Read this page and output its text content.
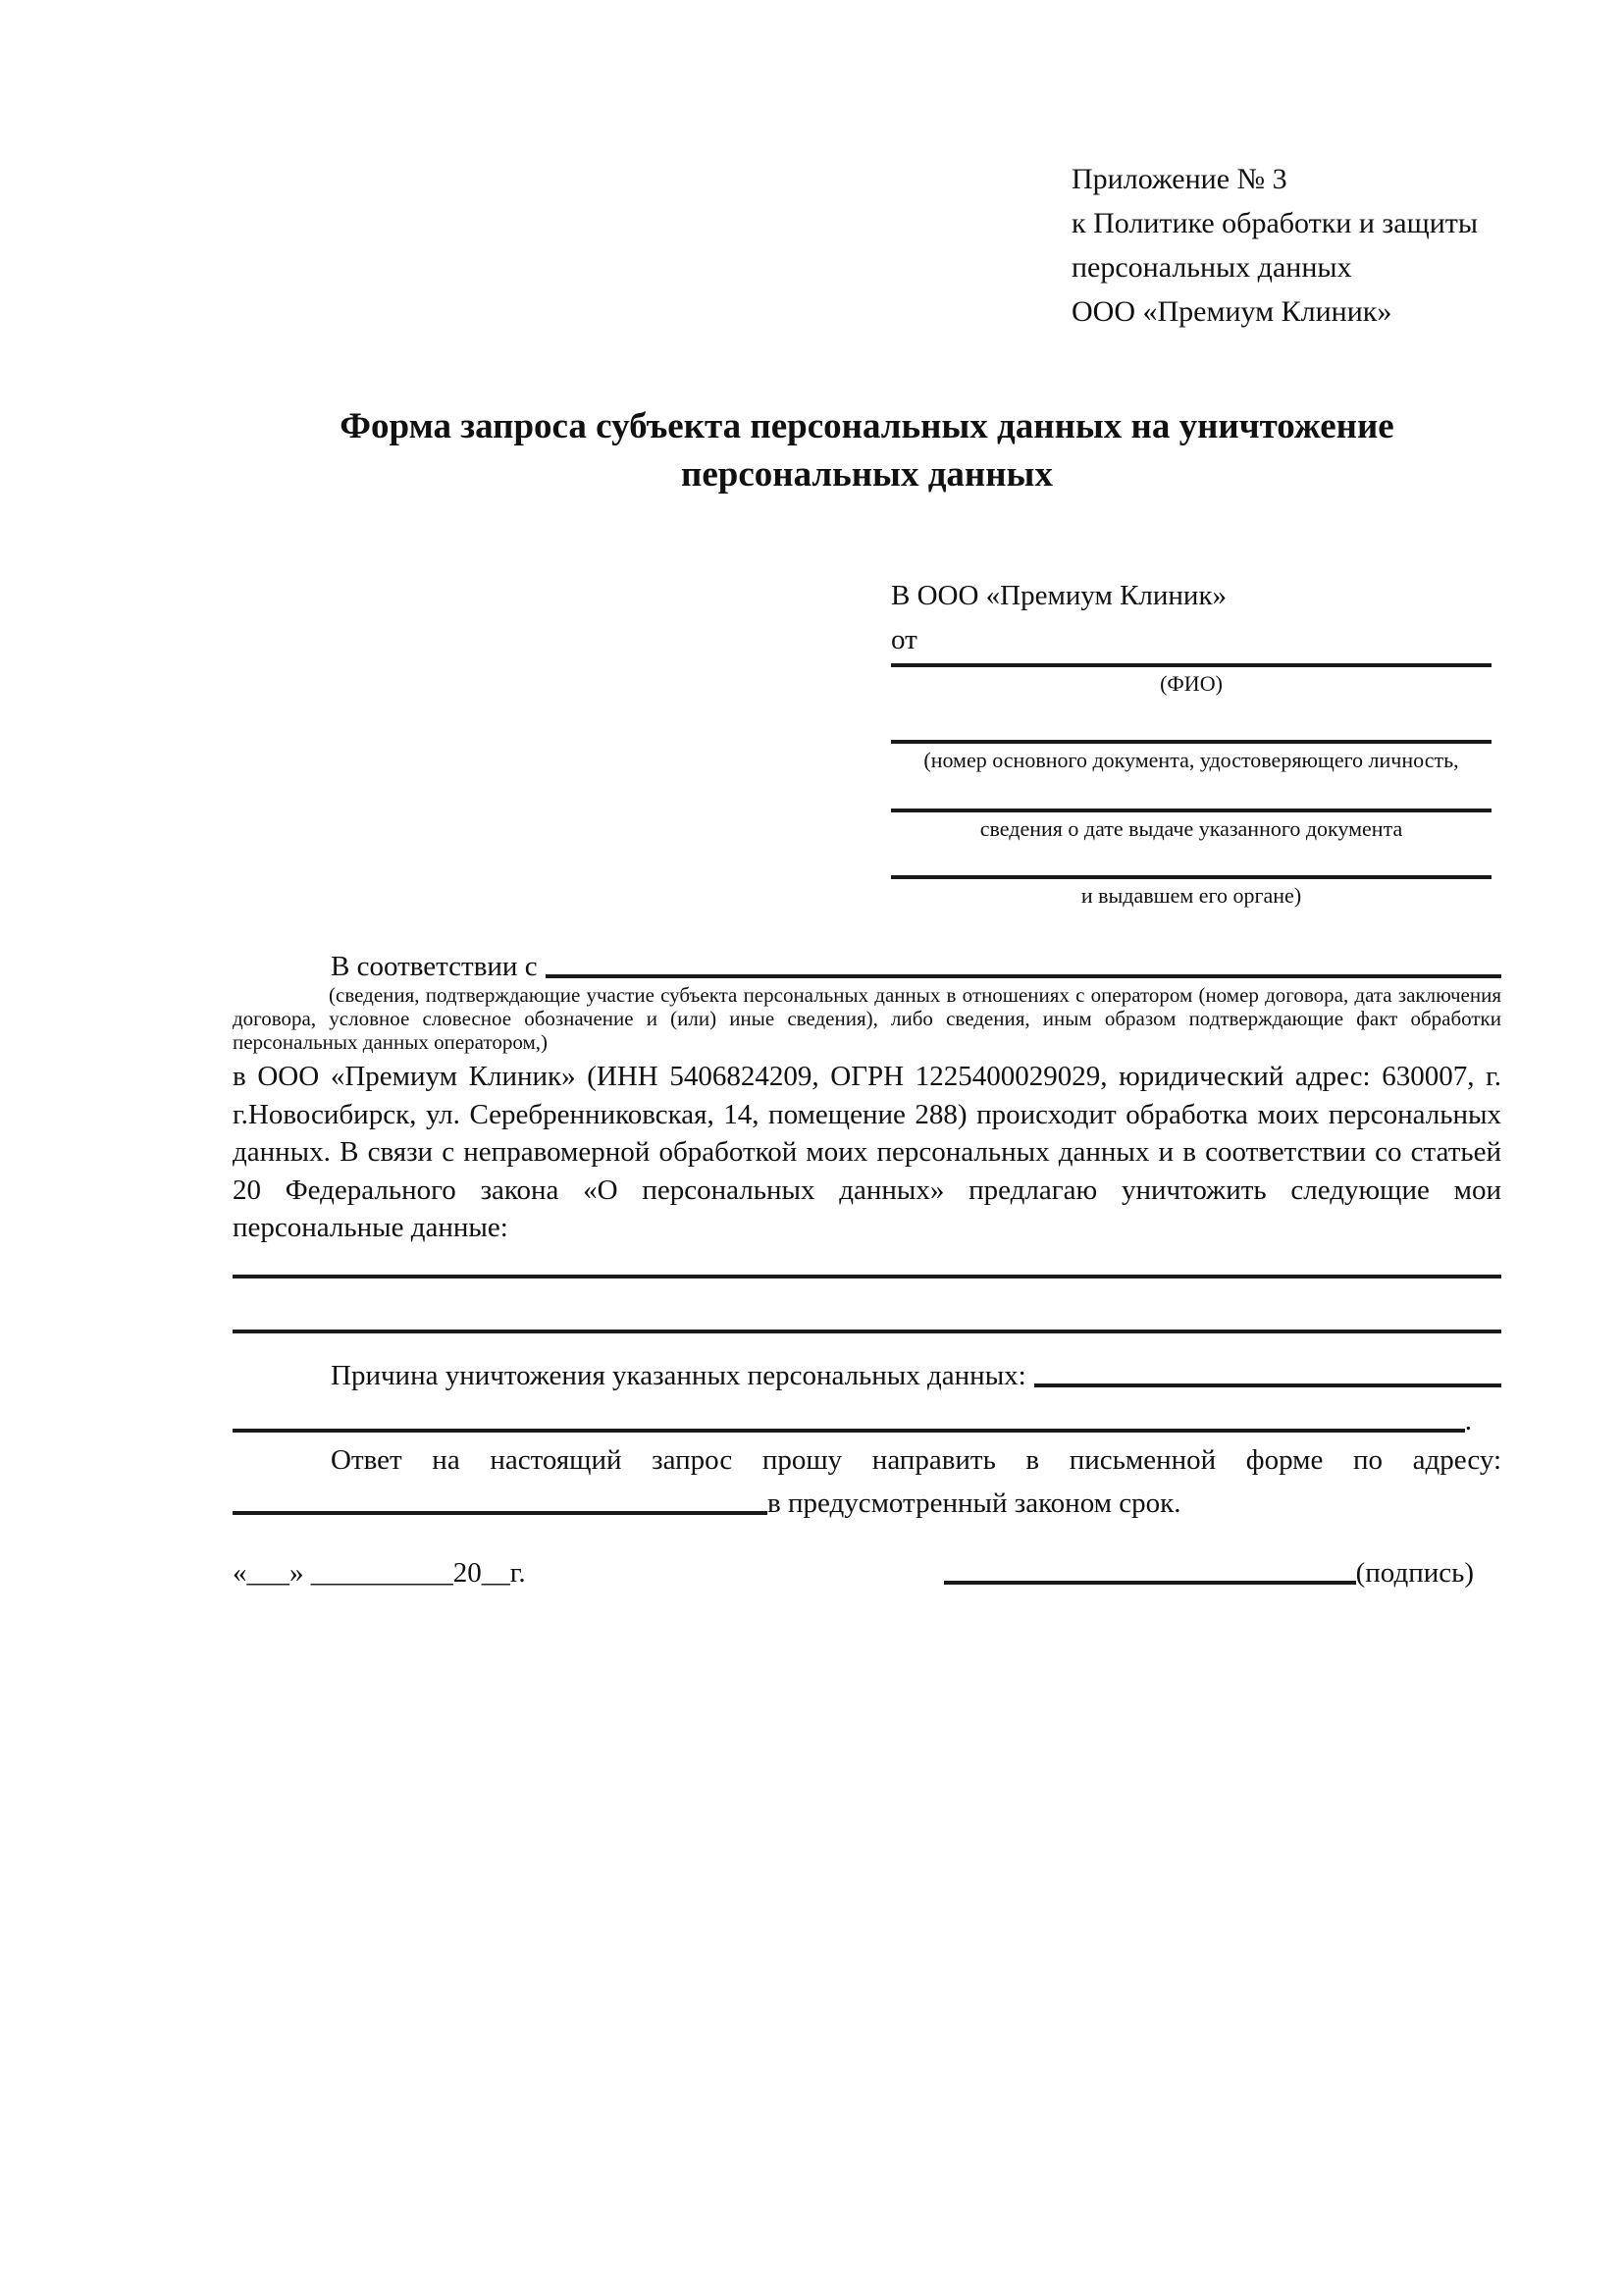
Приложение № 3
к Политике обработки и защиты
персональных данных
ООО «Премиум Клиник»
Форма запроса субъекта персональных данных на уничтожение персональных данных
В ООО «Премиум Клиник»
от
(ФИО)
(номер основного документа, удостоверяющего личность,
сведения о дате выдаче указанного документа
и выдавшем его органе)
В соответствии с
(сведения, подтверждающие участие субъекта персональных данных в отношениях с оператором (номер договора, дата заключения договора, условное словесное обозначение и (или) иные сведения), либо сведения, иным образом подтверждающие факт обработки персональных данных оператором,)
в ООО «Премиум Клиник» (ИНН 5406824209, ОГРН 1225400029029, юридический адрес: 630007, г. г.Новосибирск, ул. Серебренниковская, 14, помещение 288) происходит обработка моих персональных данных. В связи с неправомерной обработкой моих персональных данных и в соответствии со статьей 20 Федерального закона «О персональных данных» предлагаю уничтожить следующие мои персональные данные:
Причина уничтожения указанных персональных данных:
.
Ответ на настоящий запрос прошу направить в письменной форме по адресу:
в предусмотренный законом срок.
«___» __________20__г.	(подпись)
